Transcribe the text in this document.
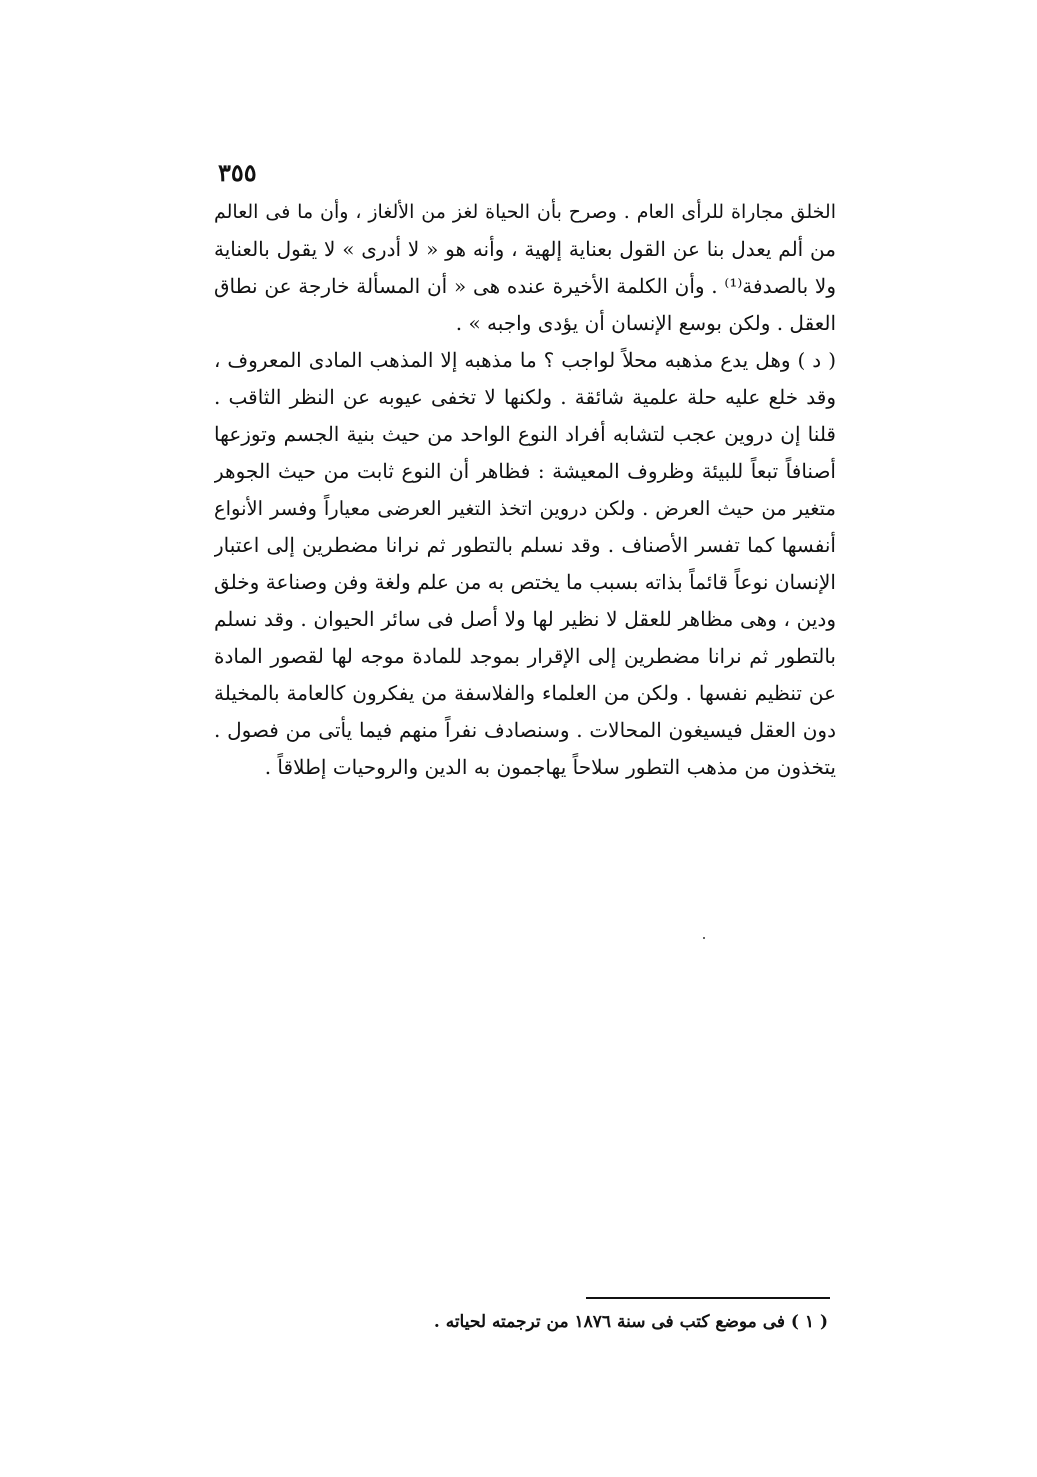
٣٥٥
الخلق مجاراة للرأى العام . وصرح بأن الحياة لغز من الألغاز ، وأن ما فى العالم
من ألم يعدل بنا عن القول بعناية إلهية ، وأنه هو « لا أدرى » لا يقول بالعناية
ولا بالصدفة⁽¹⁾ . وأن الكلمة الأخيرة عنده هى « أن المسألة خارجة عن نطاق
العقل . ولكن بوسع الإنسان أن يؤدى واجبه » .
( د ) وهل يدع مذهبه محلاً لواجب ؟ ما مذهبه إلا المذهب المادى المعروف ،
وقد خلع عليه حلة علمية شائقة . ولكنها لا تخفى عيوبه عن النظر الثاقب .
قلنا إن دروين عجب لتشابه أفراد النوع الواحد من حيث بنية الجسم وتوزعها
أصنافاً تبعاً للبيئة وظروف المعيشة : فظاهر أن النوع ثابت من حيث الجوهر
متغير من حيث العرض . ولكن دروين اتخذ التغير العرضى معياراً وفسر الأنواع
أنفسها كما تفسر الأصناف . وقد نسلم بالتطور ثم نرانا مضطرين إلى اعتبار
الإنسان نوعاً قائماً بذاته بسبب ما يختص به من علم ولغة وفن وصناعة وخلق
ودين ، وهى مظاهر للعقل لا نظير لها ولا أصل فى سائر الحيوان . وقد نسلم
بالتطور ثم نرانا مضطرين إلى الإقرار بموجد للمادة موجه لها لقصور المادة
عن تنظيم نفسها . ولكن من العلماء والفلاسفة من يفكرون كالعامة بالمخيلة
دون العقل فيسيغون المحالات . وسنصادف نفراً منهم فيما يأتى من فصول .
يتخذون من مذهب التطور سلاحاً يهاجمون به الدين والروحيات إطلاقاً .
( ١ ) فى موضع كتب فى سنة ١٨٧٦ من ترجمته لحياته .
